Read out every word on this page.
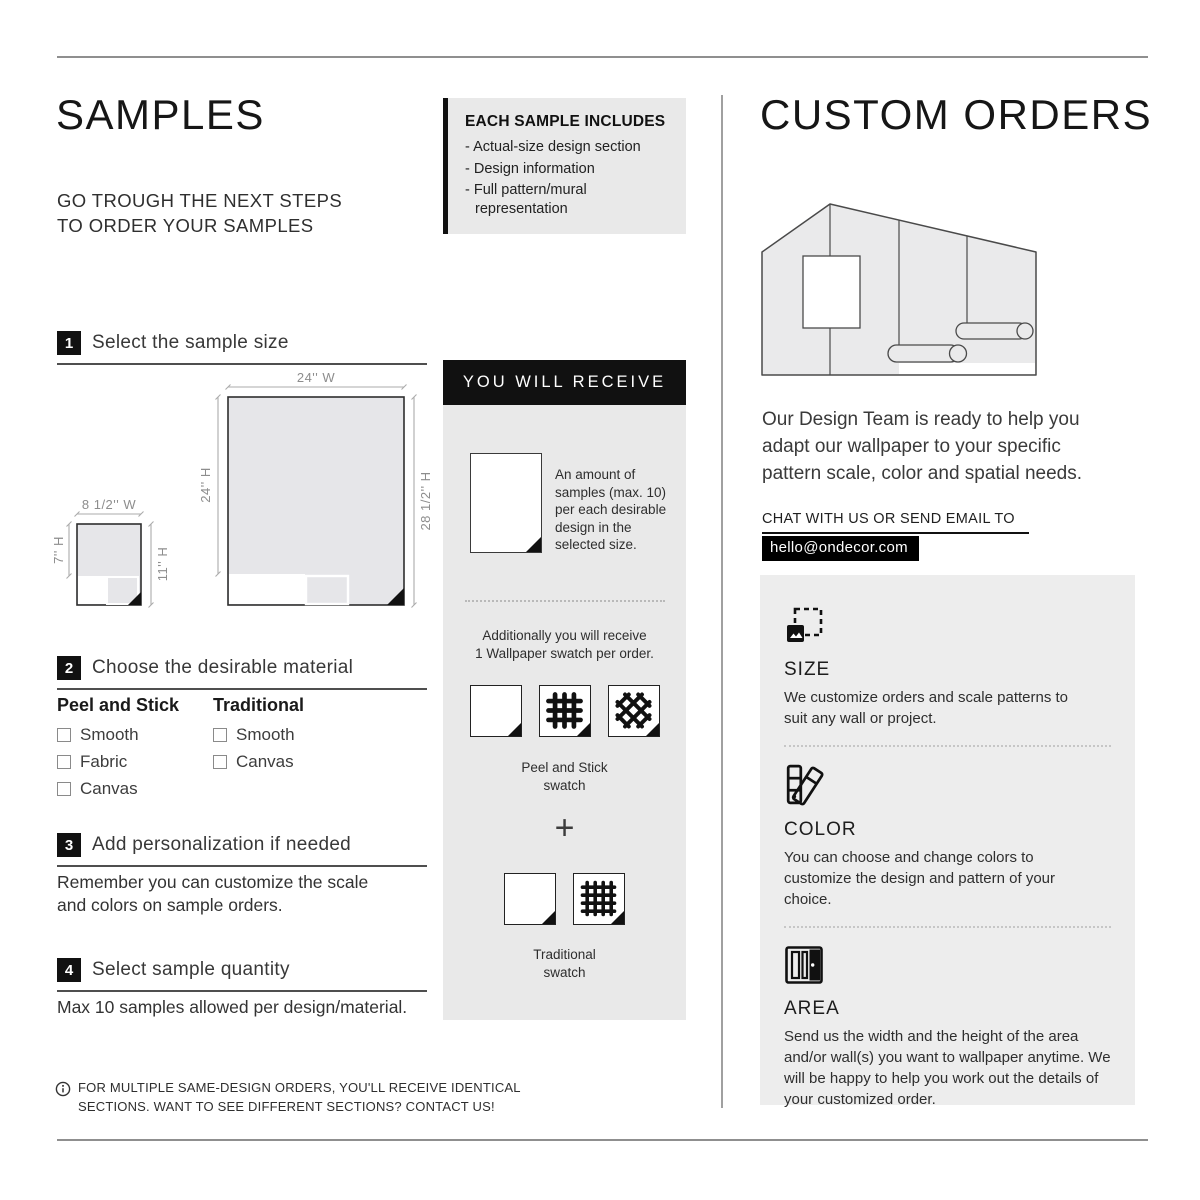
SAMPLES
GO TROUGH THE NEXT STEPS
TO ORDER YOUR SAMPLES
1 Select the sample size
24'' W
24'' H	28 1/2'' H
8 1/2'' W
7'' H	11'' H
2 Choose the desirable material
Peel and Stick
Smooth
Fabric
Canvas
Traditional
Smooth
Canvas
3 Add personalization if needed
Remember you can customize the scale and colors on sample orders.
4 Select sample quantity
Max 10 samples allowed per design/material.
FOR MULTIPLE SAME-DESIGN ORDERS, YOU'LL RECEIVE IDENTICAL
SECTIONS. WANT TO SEE DIFFERENT SECTIONS? CONTACT US!
EACH SAMPLE INCLUDES
- Actual-size design section
- Design information
- Full pattern/mural representation
YOU WILL RECEIVE
An amount of samples (max. 10) per each desirable design in the selected size.
Additionally you will receive
1 Wallpaper swatch per order.
Peel and Stick
swatch
+
Traditional
swatch
CUSTOM ORDERS
Our Design Team is ready to help you adapt our wallpaper to your specific pattern scale, color and spatial needs.
CHAT WITH US OR SEND EMAIL TO
hello@ondecor.com
SIZE
We customize orders and scale patterns to suit any wall or project.
COLOR
You can choose and change colors to customize the design and pattern of your choice.
AREA
Send us the width and the height of the area and/or wall(s) you want to wallpaper anytime. We will be happy to help you work out the details of your customized order.
